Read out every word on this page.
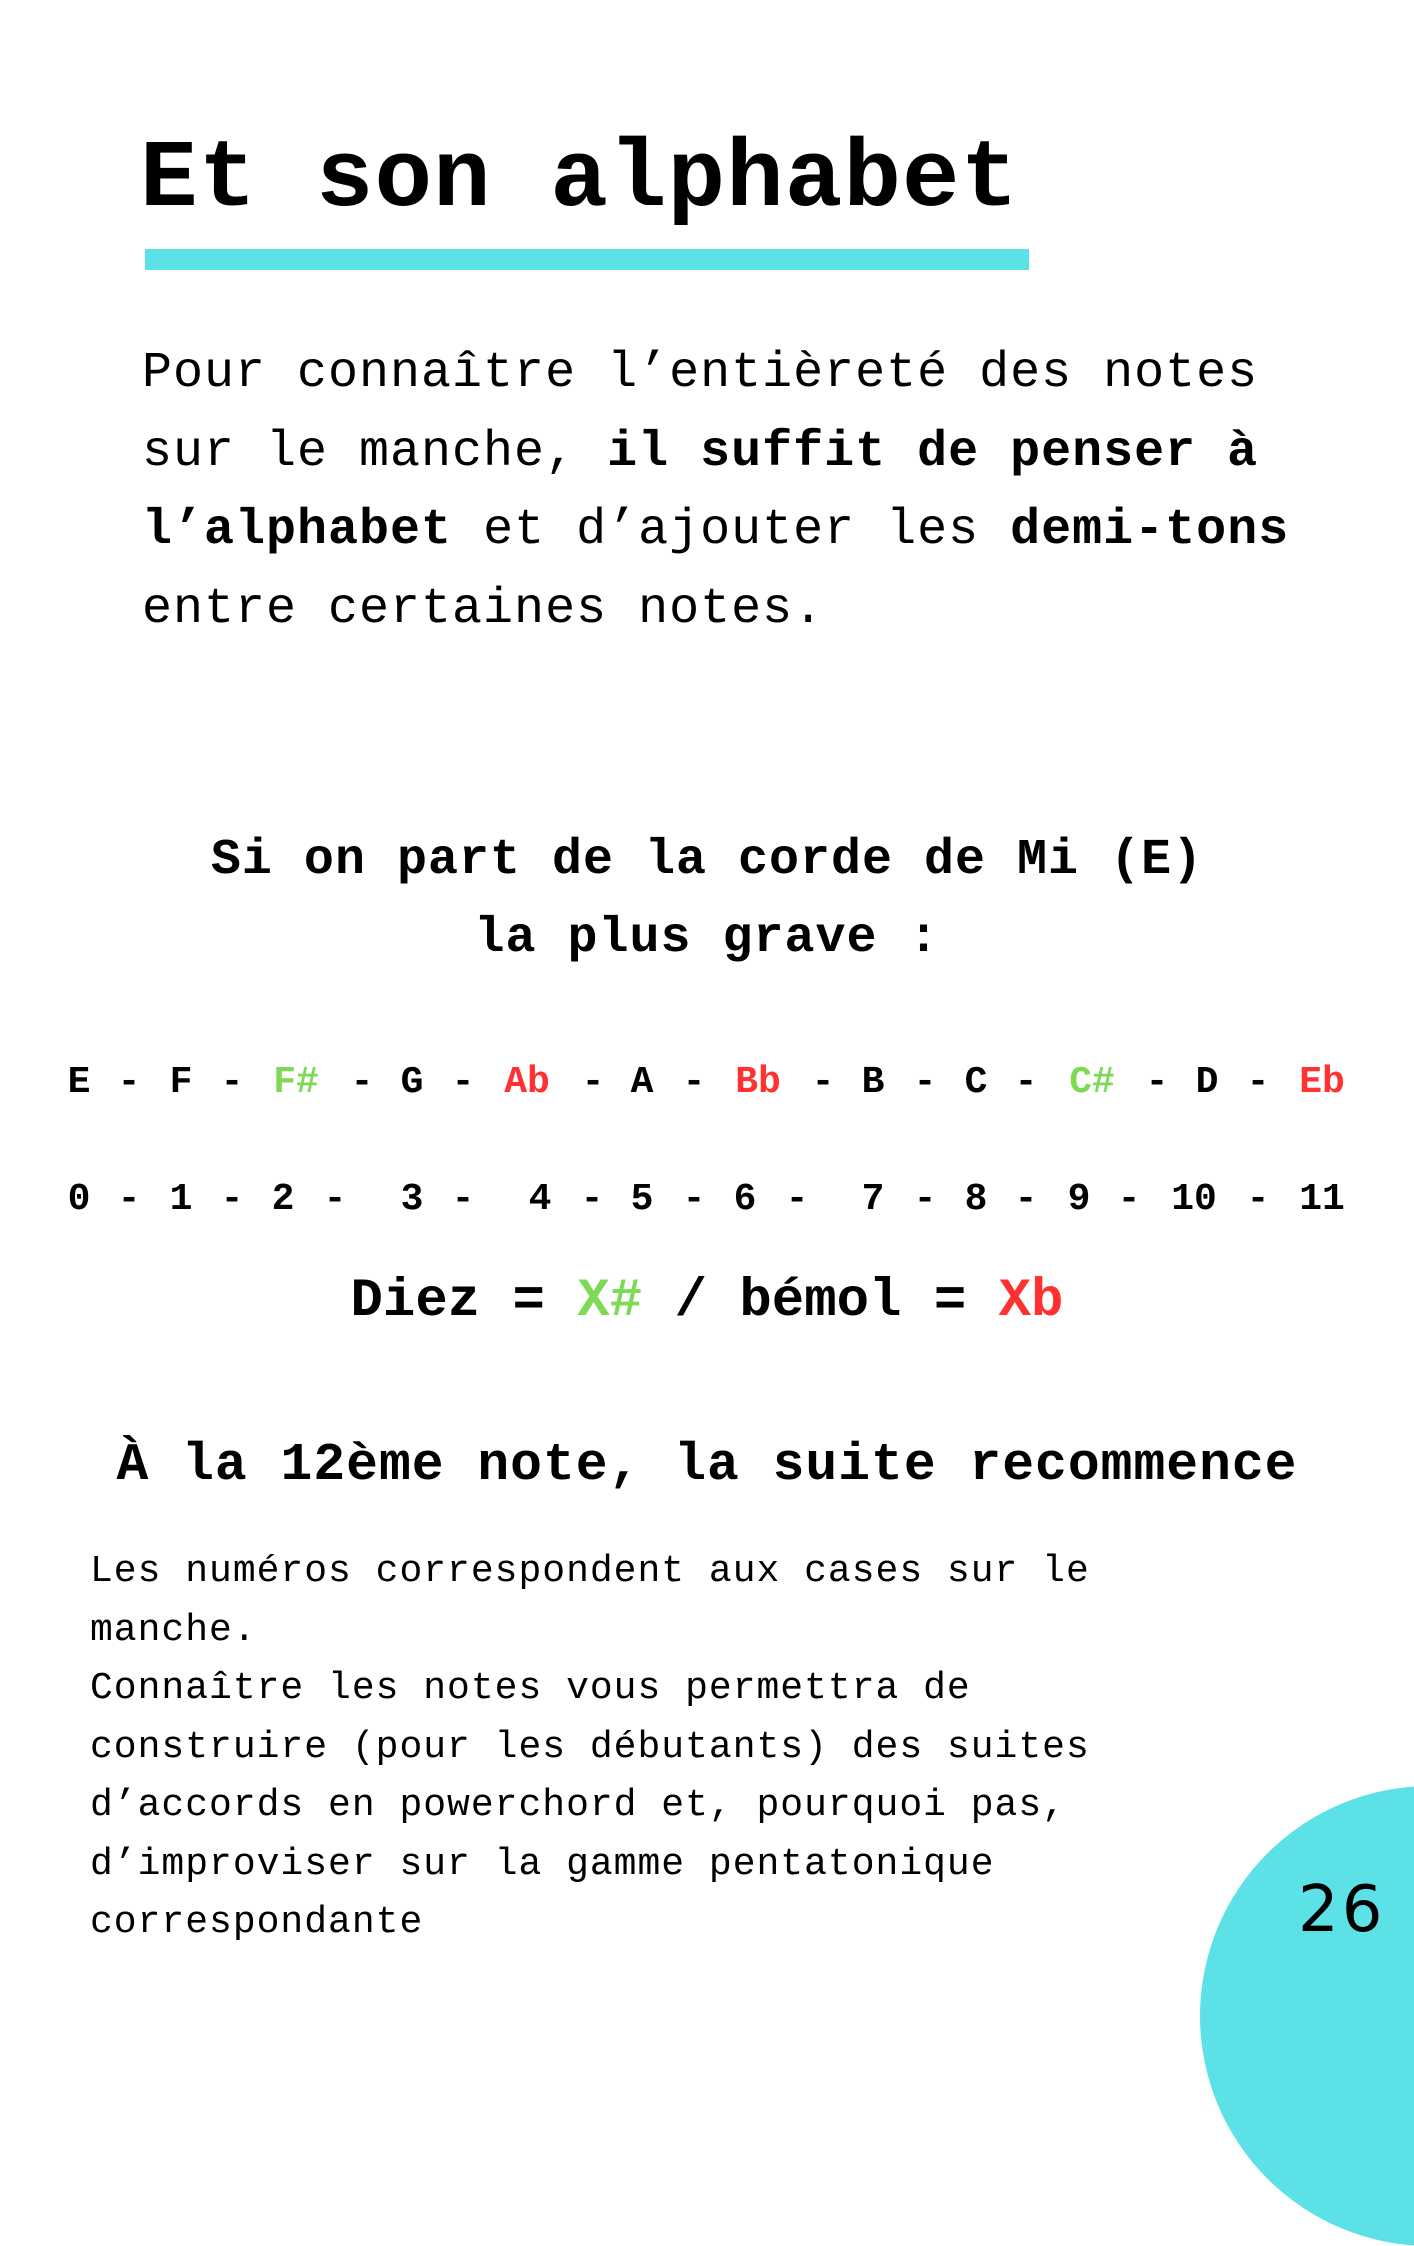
Et son alphabet

Pour connaître l’entièreté des notes sur le manche, il suffit de penser à l’alphabet et d’ajouter les demi-tons entre certaines notes.

Si on part de la corde de Mi (E)
la plus grave :
E - F - F# - G - Ab - A - Bb - B - C - C# - D - Eb
0 - 1 - 2 - 3 - 4 - 5 - 6 - 7 - 8 - 9 - 10 - 11
Diez = X# / bémol = Xb
À la 12ème note, la suite recommence

Les numéros correspondent aux cases sur le manche.

Connaître les notes vous permettra de construire (pour les débutants) des suites d’accords en powerchord et, pourquoi pas, d’improviser sur la gamme pentatonique correspondante	26
